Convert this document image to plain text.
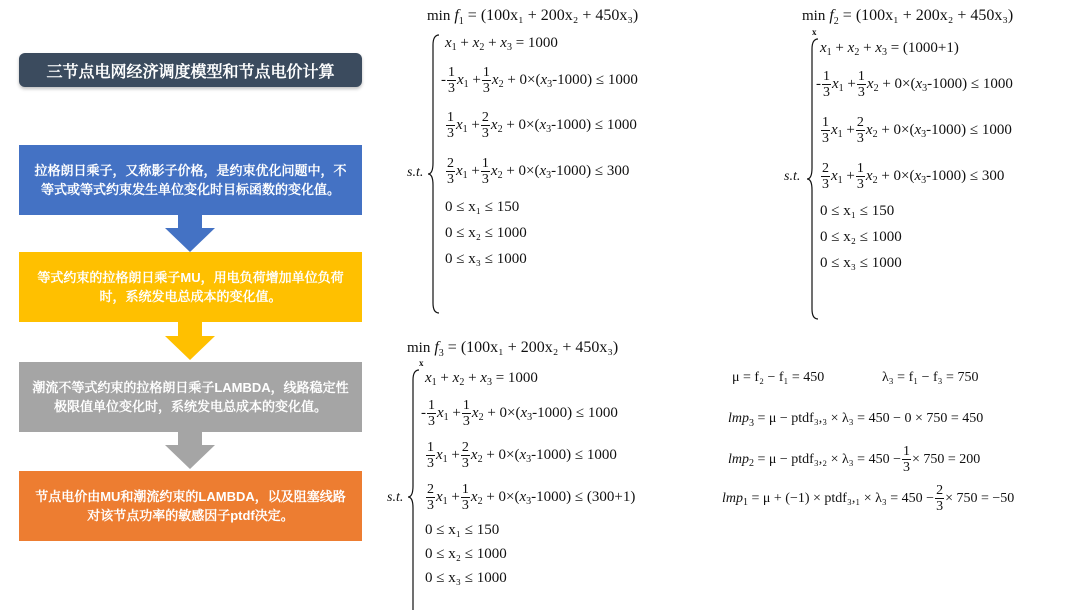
三节点电网经济调度模型和节点电价计算
拉格朗日乘子，又称影子价格，是约束优化问题中，不等式或等式约束发生单位变化时目标函数的变化值。
等式约束的拉格朗日乘子MU，用电负荷增加单位负荷时，系统发电总成本的变化值。
潮流不等式约束的拉格朗日乘子LAMBDA，线路稳定性极限值单位变化时，系统发电总成本的变化值。
节点电价由MU和潮流约束的LAMBDA，以及阻塞线路对该节点功率的敏感因子ptdf决定。
$\min f_1 = (100x_1 + 200x_2 + 450x_3)$
s.t.
x 1 + x 2 + x 3 = 1000
- $\frac{1}{3}$ x $1 + \frac{1}{3}$ x 2 + 0×( x 3 -1000) ≤ 1000
$\frac{1}{3}$ x $1 + \frac{2}{3}$ x 2 + 0×( x 3 -1000) ≤ 1000
$\frac{2}{3}$ x $1 + \frac{1}{3}$ x 2 + 0×( x 3 -1000) ≤ 300
0 ≤ x₁ ≤ 150
0 ≤ x₂ ≤ 1000
0 ≤ x₃ ≤ 1000
min
x
$f_2 = (100x_1 + 200x_2 + 450x_3)$
s.t.
x 1 + x 2 + x 3 = (1000+1)
- $\frac{1}{3}$ x $1 + \frac{1}{3}$ x 2 + 0×( x 3 -1000) ≤ 1000
$\frac{1}{3}$ x $1 + \frac{2}{3}$ x 2 + 0×( x 3 -1000) ≤ 1000
$\frac{2}{3}$ x $1 + \frac{1}{3}$ x 2 + 0×( x 3 -1000) ≤ 300
0 ≤ x₁ ≤ 150
0 ≤ x₂ ≤ 1000
0 ≤ x₃ ≤ 1000
min
x
$f_3 = (100x_1 + 200x_2 + 450x_3)$
s.t.
x 1 + x 2 + x 3 = 1000
- $\frac{1}{3}$ x $1 + \frac{1}{3}$ x 2 + 0×( x 3 -1000) ≤ 1000
$\frac{1}{3}$ x $1 + \frac{2}{3}$ x 2 + 0×( x 3 -1000) ≤ 1000
$\frac{2}{3}$ x $1 + \frac{1}{3}$ x 2 + 0×( x 3 -1000) ≤ (300+1)
0 ≤ x₁ ≤ 150
0 ≤ x₂ ≤ 1000
0 ≤ x₃ ≤ 1000
μ = f₂ − f₁ = 450	λ₃ = f₁ − f₃ = 750
lmp 3
= μ − ptdf₃,₃ × λ₃ = 450 − 0 × 750 = 450
lmp 2
= μ − ptdf₃,₂ × $\lambda_3 = 450 - \frac{1}{3} \times 750 = 200$
lmp 1
= μ + (−1) × ptdf₃,₁ × $\lambda_3 = 450 - \frac{2}{3} \times 750 = -50$
